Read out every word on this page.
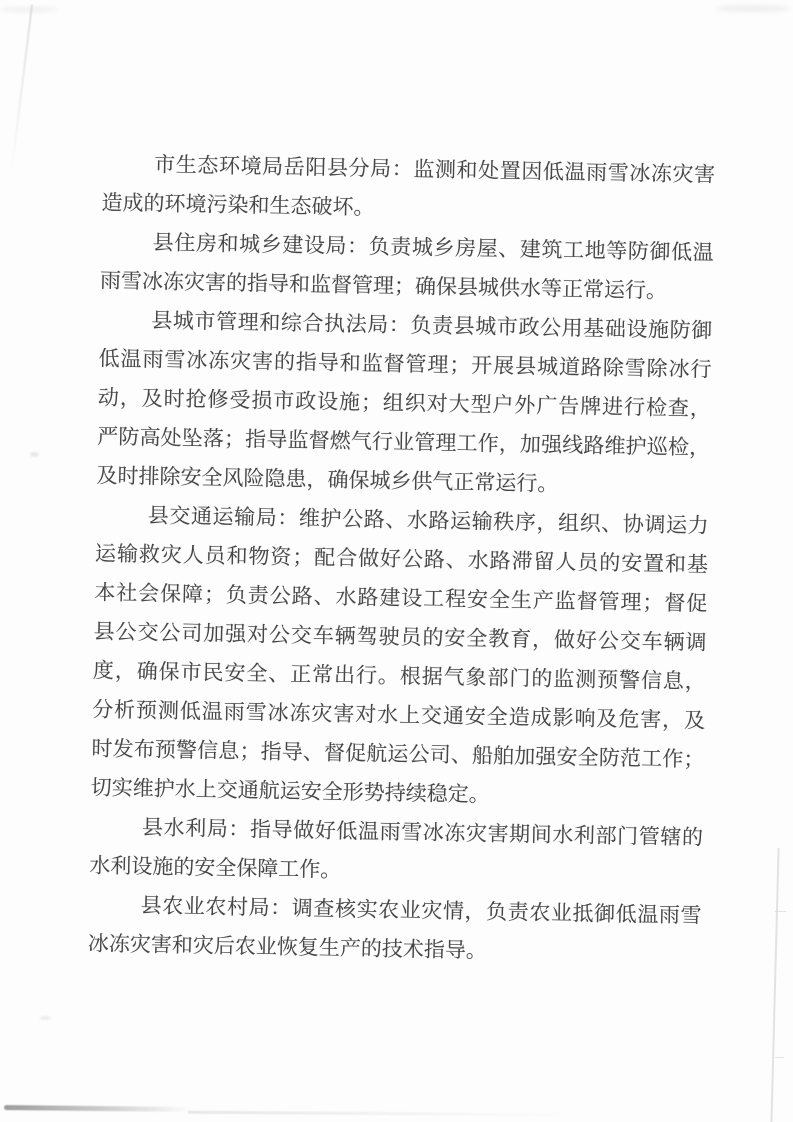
市生态环境局岳阳县分局：监测和处置因低温雨雪冰冻灾害
造成的环境污染和生态破坏。
县住房和城乡建设局：负责城乡房屋、建筑工地等防御低温
雨雪冰冻灾害的指导和监督管理；确保县城供水等正常运行。
县城市管理和综合执法局：负责县城市政公用基础设施防御
低温雨雪冰冻灾害的指导和监督管理；开展县城道路除雪除冰行
动，及时抢修受损市政设施；组织对大型户外广告牌进行检查，
严防高处坠落；指导监督燃气行业管理工作，加强线路维护巡检，
及时排除安全风险隐患，确保城乡供气正常运行。
县交通运输局：维护公路、水路运输秩序，组织、协调运力
运输救灾人员和物资；配合做好公路、水路滞留人员的安置和基
本社会保障；负责公路、水路建设工程安全生产监督管理；督促
县公交公司加强对公交车辆驾驶员的安全教育，做好公交车辆调
度，确保市民安全、正常出行。根据气象部门的监测预警信息，
分析预测低温雨雪冰冻灾害对水上交通安全造成影响及危害，及
时发布预警信息；指导、督促航运公司、船舶加强安全防范工作；
切实维护水上交通航运安全形势持续稳定。
县水利局：指导做好低温雨雪冰冻灾害期间水利部门管辖的
水利设施的安全保障工作。
县农业农村局：调查核实农业灾情，负责农业抵御低温雨雪
冰冻灾害和灾后农业恢复生产的技术指导。
